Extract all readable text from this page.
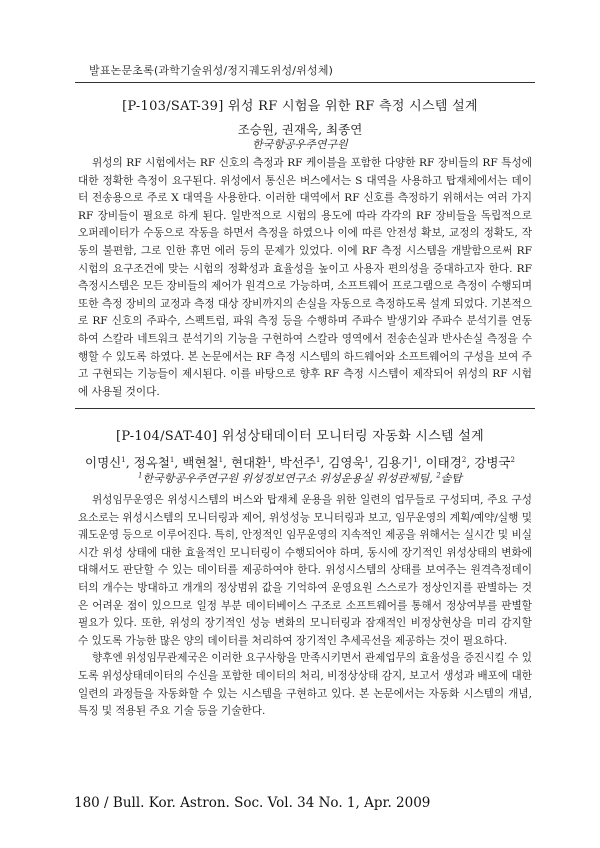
발표논문초록(과학기술위성/정지궤도위성/위성체)
[P-103/SAT-39] 위성 RF 시험을 위한 RF 측정 시스템 설계
조승원, 권재욱, 최종연
한국항공우주연구원

위성의 RF 시험에서는 RF 신호의 측정과 RF 케이블을 포함한 다양한 RF 장비들의 RF 특성에 대한 정확한 측정이 요구된다. 위성에서 통신은 버스에서는 S 대역을 사용하고 탑재체에서는 데이터 전송용으로 주로 X 대역을 사용한다. 이러한 대역에서 RF 신호를 측정하기 위해서는 여러 가지 RF 장비들이 필요로 하게 된다. 일반적으로 시험의 용도에 따라 각각의 RF 장비들을 독립적으로 오퍼레이터가 수동으로 작동을 하면서 측정을 하였으나 이에 따른 안전성 확보, 교정의 정확도, 작동의 불편함, 그로 인한 휴먼 에러 등의 문제가 있었다. 이에 RF 측정 시스템을 개발함으로써 RF 시험의 요구조건에 맞는 시험의 정확성과 효율성을 높이고 사용자 편의성을 증대하고자 한다. RF 측정시스템은 모든 장비들의 제어가 원격으로 가능하며, 소프트웨어 프로그램으로 측정이 수행되며 또한 측정 장비의 교정과 측정 대상 장비까지의 손실을 자동으로 측정하도록 설계 되었다. 기본적으로 RF 신호의 주파수, 스펙트럼, 파워 측정 등을 수행하며 주파수 발생기와 주파수 분석기를 연동하여 스칼라 네트워크 분석기의 기능을 구현하여 스칼라 영역에서 전송손실과 반사손실 측정을 수행할 수 있도록 하였다. 본 논문에서는 RF 측정 시스템의 하드웨어와 소프트웨어의 구성을 보여 주고 구현되는 기능들이 제시된다. 이를 바탕으로 향후 RF 측정 시스템이 제작되어 위성의 RF 시험에 사용될 것이다.

[P-104/SAT-40] 위성상태데이터 모니터링 자동화 시스템 설계
이명신$^1$, 정옥철$^1$, 백현철$^1$, 현대환$^1$, 박선주$^1$, 김영욱$^1$, 김용기$^1$, 이태경$^2$, 강병국$^2$
$^1$한국항공우주연구원 위성정보연구소 위성운용실 위성관제팀, $^2$솔탑

위성임무운영은 위성시스템의 버스와 탑재체 운용을 위한 일련의 업무들로 구성되며, 주요 구성 요소로는 위성시스템의 모니터링과 제어, 위성성능 모니터링과 보고, 임무운영의 계획/예약/실행 및 궤도운영 등으로 이루어진다. 특히, 안정적인 임무운영의 지속적인 제공을 위해서는 실시간 및 비실시간 위성 상태에 대한 효율적인 모니터링이 수행되어야 하며, 동시에 장기적인 위성상태의 변화에 대해서도 판단할 수 있는 데이터를 제공하여야 한다. 위성시스템의 상태를 보여주는 원격측정데이터의 개수는 방대하고 개개의 정상범위 값을 기억하여 운영요원 스스로가 정상인지를 판별하는 것은 어려운 점이 있으므로 일정 부분 데이터베이스 구조로 소프트웨어를 통해서 정상여부를 판별할 필요가 있다. 또한, 위성의 장기적인 성능 변화의 모니터링과 잠재적인 비정상현상을 미리 감지할 수 있도록 가능한 많은 양의 데이터를 처리하여 장기적인 추세곡선을 제공하는 것이 필요하다.

향후엔 위성임무관제국은 이러한 요구사항을 만족시키면서 관제업무의 효율성을 증진시킬 수 있도록 위성상태데이터의 수신을 포함한 데이터의 처리, 비정상상태 감지, 보고서 생성과 배포에 대한 일련의 과정들을 자동화할 수 있는 시스템을 구현하고 있다. 본 논문에서는 자동화 시스템의 개념, 특징 및 적용된 주요 기술 등을 기술한다.

180 / Bull. Kor. Astron. Soc. Vol. 34 No. 1, Apr. 2009
